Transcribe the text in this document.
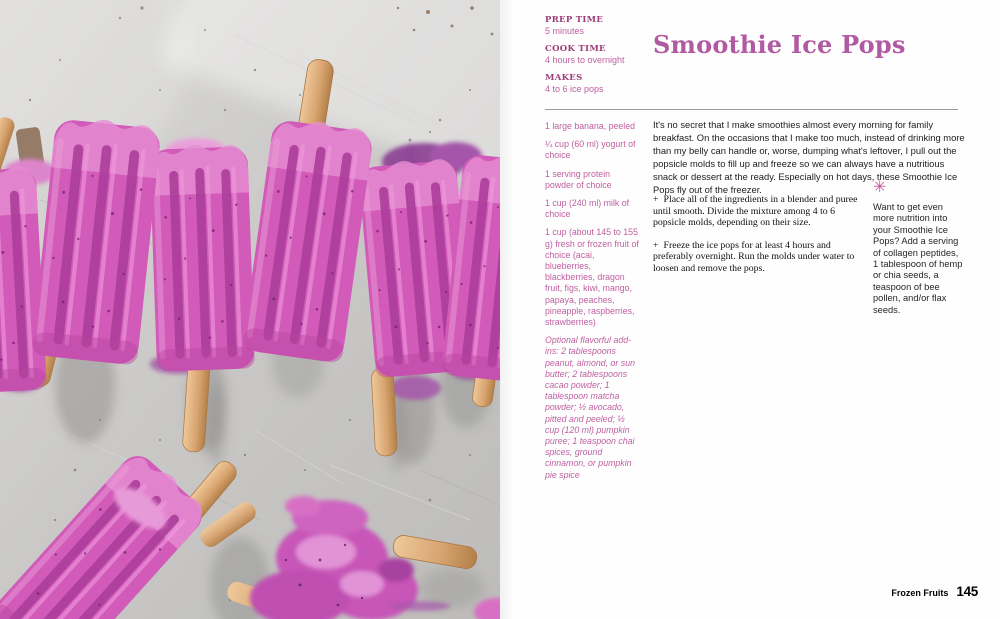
PREP TIME
5 minutes
COOK TIME
4 hours to overnight
MAKES
4 to 6 ice pops
Smoothie Ice Pops

1 large banana, peeled

¼ cup (60 ml) yogurt of choice

1 serving protein powder of choice

1 cup (240 ml) milk of choice

1 cup (about 145 to 155 g) fresh or frozen fruit of choice (acai, blueberries, blackberries, dragon fruit, figs, kiwi, mango, papaya, peaches, pineapple, raspberries, strawberries)

Optional flavorful add-ins: 2 tablespoons peanut, almond, or sun butter; 2 tablespoons cacao powder; 1 tablespoon matcha powder; ½ avocado, pitted and peeled; ½ cup (120 ml) pumpkin puree; 1 teaspoon chai spices, ground cinnamon, or pumpkin pie spice

It's no secret that I make smoothies almost every morning for family breakfast. On the occasions that I make too much, instead of drinking more than my belly can handle or, worse, dumping what's leftover, I pull out the popsicle molds to fill up and freeze so we can always have a nutritious snack or dessert at the ready. Especially on hot days, these Smoothie Ice Pops fly out of the freezer.
+ Place all of the ingredients in a blender and puree until smooth. Divide the mixture among 4 to 6 popsicle molds, depending on their size.
+ Freeze the ice pops for at least 4 hours and preferably overnight. Run the molds under water to loosen and remove the pops.
✳
Want to get even more nutrition into your Smoothie Ice Pops? Add a serving of collagen peptides, 1 tablespoon of hemp or chia seeds, a teaspoon of bee pollen, and/or flax seeds.
Frozen Fruits 145
